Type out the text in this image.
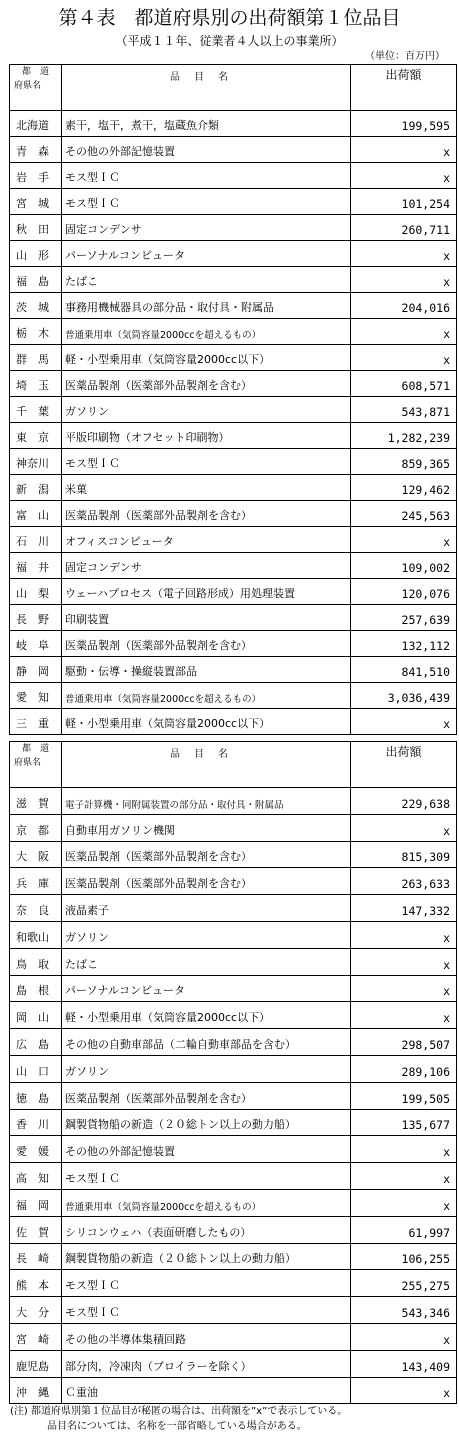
第４表　都道府県別の出荷額第１位品目
（平成１１年、従業者４人以上の事業所）
（単位：百万円）
都　道
府県名	品目名	出荷額
北海道	素干，塩干，煮干，塩蔵魚介類	199,595
青　森	その他の外部記憶装置	x
岩　手	モス型ＩＣ	x
宮　城	モス型ＩＣ	101,254
秋　田	固定コンデンサ	260,711
山　形	パーソナルコンピュータ	x
福　島	たばこ	x
茨　城	事務用機械器具の部分品・取付具・附属品	204,016
栃　木	普通乗用車（気筒容量2000ccを超えるもの）	x
群　馬	軽・小型乗用車（気筒容量2000cc以下）	x
埼　玉	医薬品製剤（医薬部外品製剤を含む）	608,571
千　葉	ガソリン	543,871
東　京	平版印刷物（オフセット印刷物）	1,282,239
神奈川	モス型ＩＣ	859,365
新　潟	米菓	129,462
富　山	医薬品製剤（医薬部外品製剤を含む）	245,563
石　川	オフィスコンピュータ	x
福　井	固定コンデンサ	109,002
山　梨	ウェーハプロセス（電子回路形成）用処理装置	120,076
長　野	印刷装置	257,639
岐　阜	医薬品製剤（医薬部外品製剤を含む）	132,112
静　岡	駆動・伝導・操縦装置部品	841,510
愛　知	普通乗用車（気筒容量2000ccを超えるもの）	3,036,439
三　重	軽・小型乗用車（気筒容量2000cc以下）	x
都　道
府県名	品目名	出荷額
滋　賀	電子計算機・同附属装置の部分品・取付具・附属品	229,638
京　都	自動車用ガソリン機関	x
大　阪	医薬品製剤（医薬部外品製剤を含む）	815,309
兵　庫	医薬品製剤（医薬部外品製剤を含む）	263,633
奈　良	液晶素子	147,332
和歌山	ガソリン	x
鳥　取	たばこ	x
島　根	パーソナルコンピュータ	x
岡　山	軽・小型乗用車（気筒容量2000cc以下）	x
広　島	その他の自動車部品（二輪自動車部品を含む）	298,507
山　口	ガソリン	289,106
徳　島	医薬品製剤（医薬部外品製剤を含む）	199,505
香　川	鋼製貨物船の新造（２０総トン以上の動力船）	135,677
愛　媛	その他の外部記憶装置	x
高　知	モス型ＩＣ	x
福　岡	普通乗用車（気筒容量2000ccを超えるもの）	x
佐　賀	シリコンウェハ（表面研磨したもの）	61,997
長　崎	鋼製貨物船の新造（２０総トン以上の動力船）	106,255
熊　本	モス型ＩＣ	255,275
大　分	モス型ＩＣ	543,346
宮　崎	その他の半導体集積回路	x
鹿児島	部分肉，冷凍肉（ブロイラーを除く）	143,409
沖　縄	Ｃ重油	x
(注) 都道府県別第１位品目が秘匿の場合は、出荷額を”x”で表示している。
品目名については、名称を一部省略している場合がある。
